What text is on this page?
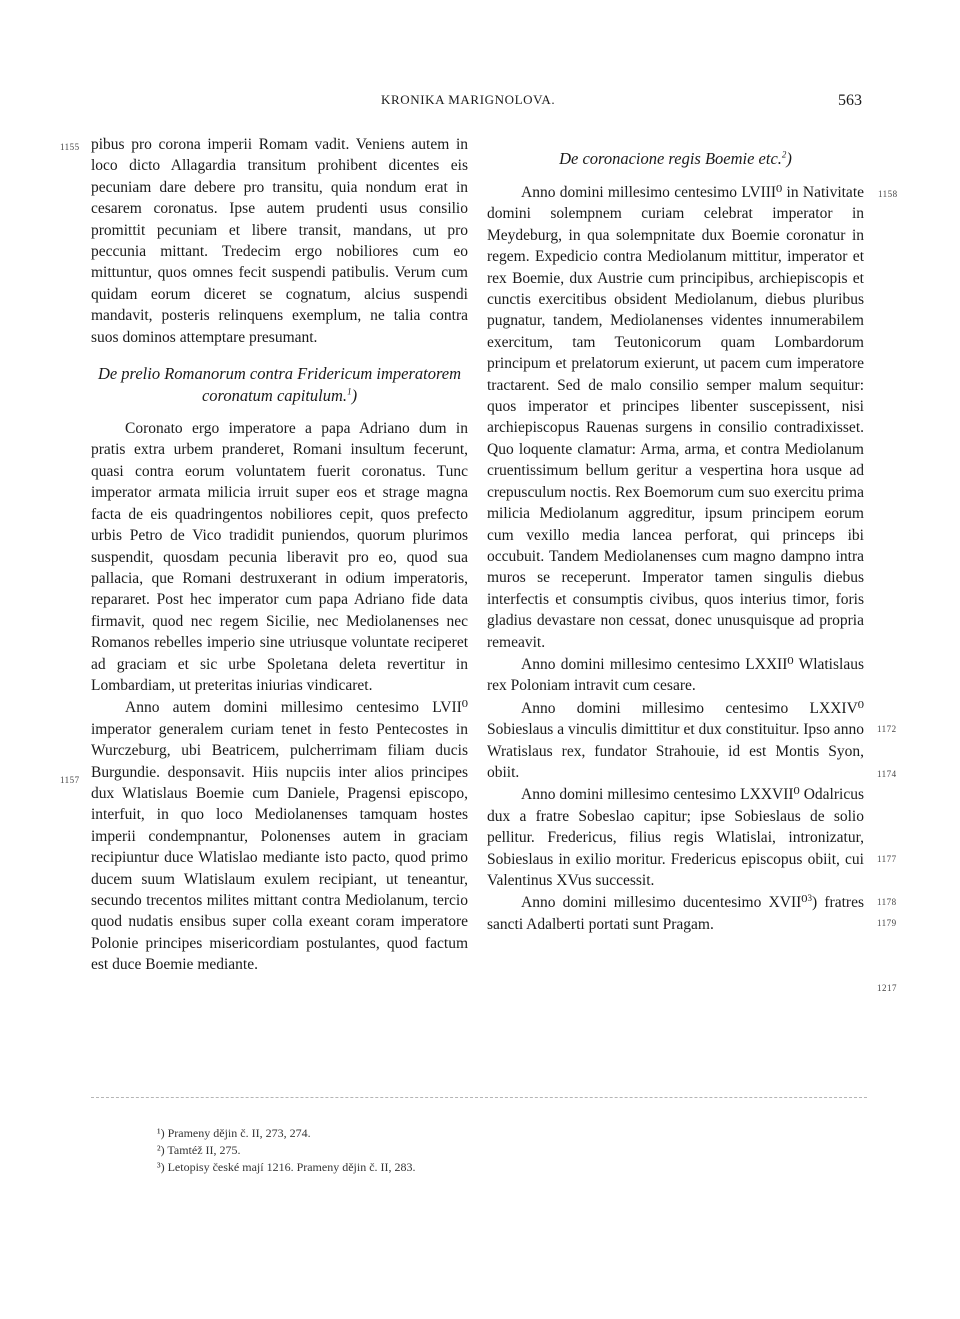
KRONIKA MARIGNOLOVA.	563
1155
1157
1158
1172
1174
1177
1178
1179
1217

pibus pro corona imperii Romam vadit. Veniens autem in loco dicto Allagardia transitum prohibent dicentes eis pecuniam dare debere pro transitu, quia nondum erat in cesarem coronatus. Ipse autem prudenti usus consilio promittit pecuniam et libere transit, mandans, ut pro peccunia mittant. Tredecim ergo nobiliores cum eo mittuntur, quos omnes fecit suspendi patibulis. Verum cum quidam eorum diceret se cognatum, alcius suspendi mandavit, posteris relinquens exemplum, ne talia contra suos dominos attemptare presumant.

De prelio Romanorum contra Fridericum imperatorem coronatum capitulum.$^1$)

Coronato ergo imperatore a papa Adriano dum in pratis extra urbem pranderet, Romani insultum fecerunt, quasi contra eorum voluntatem fuerit coronatus. Tunc imperator armata milicia irruit super eos et strage magna facta de eis quadringentos nobiliores cepit, quos prefecto urbis Petro de Vico tradidit puniendos, quorum plurimos suspendit, quosdam pecunia liberavit pro eo, quod sua pallacia, que Romani destruxerant in odium imperatoris, repararet. Post hec imperator cum papa Adriano fide data firmavit, quod nec regem Sicilie, nec Mediolanenses nec Romanos rebelles imperio sine utriusque voluntate reciperet ad graciam et sic urbe Spoletana deleta revertitur in Lombardiam, ut preteritas iniurias vindicaret.

Anno autem domini millesimo centesimo LVII⁰ imperator generalem curiam tenet in festo Pentecostes in Wurczeburg, ubi Beatricem, pulcherrimam filiam ducis Burgundie. desponsavit. Hiis nupciis inter alios principes dux Wlatislaus Boemie cum Daniele, Pragensi episcopo, interfuit, in quo loco Mediolanenses tamquam hostes imperii condempnantur, Polonenses autem in graciam recipiuntur duce Wlatislao mediante isto pacto, quod primo ducem suum Wlatislaum exulem recipiant, ut teneantur, secundo trecentos milites mittant contra Mediolanum, tercio quod nudatis ensibus super colla exeant coram imperatore Polonie principes misericordiam postulantes, quod factum est duce Boemie mediante.

De coronacione regis Boemie etc.$^2$)

Anno domini millesimo centesimo LVIII⁰ in Nativitate domini solempnem curiam celebrat imperator in Meydeburg, in qua solempnitate dux Boemie coronatur in regem. Expedicio contra Mediolanum mittitur, imperator et rex Boemie, dux Austrie cum principibus, archiepiscopis et cunctis exercitibus obsident Mediolanum, diebus pluribus pugnatur, tandem, Mediolanenses videntes innumerabilem exercitum, tam Teutonicorum quam Lombardorum principum et prelatorum exierunt, ut pacem cum imperatore tractarent. Sed de malo consilio semper malum sequitur: quos imperator et principes libenter suscepissent, nisi archiepiscopus Rauenas surgens in consilio contradixisset. Quo loquente clamatur: Arma, arma, et contra Mediolanum cruentissimum bellum geritur a vespertina hora usque ad crepusculum noctis. Rex Boemorum cum suo exercitu prima milicia Mediolanum aggreditur, ipsum principem eorum cum vexillo media lancea perforat, qui princeps ibi occubuit. Tandem Mediolanenses cum magno dampno intra muros se receperunt. Imperator tamen singulis diebus interfectis et consumptis civibus, quos interius timor, foris gladius devastare non cessat, donec unusquisque ad propria remeavit.

Anno domini millesimo centesimo LXXII⁰ Wlatislaus rex Poloniam intravit cum cesare.

Anno domini millesimo centesimo LXXIV⁰ Sobieslaus a vinculis dimittitur et dux constituitur. Ipso anno Wratislaus rex, fundator Strahouie, id est Montis Syon, obiit.

Anno domini millesimo centesimo LXXVII⁰ Odalricus dux a fratre Sobeslao capitur; ipse Sobieslaus de solio pellitur. Fredericus, filius regis Wlatislai, intronizatur, Sobieslaus in exilio moritur. Fredericus episcopus obiit, cui Valentinus XVus successit.

Anno domini millesimo ducentesimo XVII⁰$^3$) fratres sancti Adalberti portati sunt Pragam.

¹) Prameny dějin č. II, 273, 274.
²) Tamtéž II, 275.
³) Letopisy české mají 1216. Prameny dějin č. II, 283.
